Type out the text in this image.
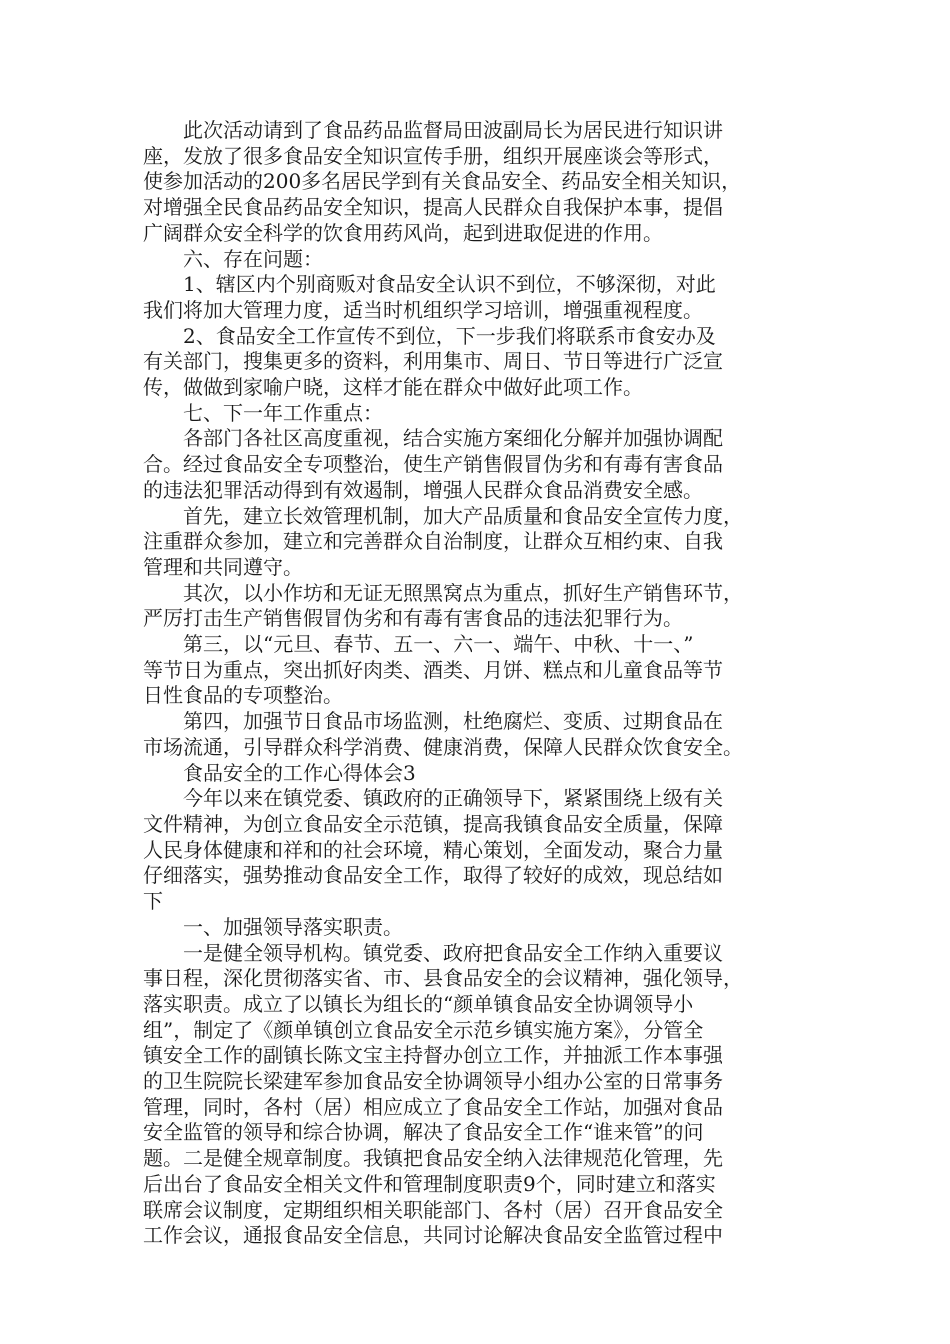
此次活动请到了食品药品监督局田波副局长为居民进行知识讲
座，发放了很多食品安全知识宣传手册，组织开展座谈会等形式，
使参加活动的200多名居民学到有关食品安全、药品安全相关知识，
对增强全民食品药品安全知识，提高人民群众自我保护本事，提倡
广阔群众安全科学的饮食用药风尚，起到进取促进的作用。
六、存在问题：
1、辖区内个别商贩对食品安全认识不到位，不够深彻，对此
我们将加大管理力度，适当时机组织学习培训，增强重视程度。
2、食品安全工作宣传不到位，下一步我们将联系市食安办及
有关部门，搜集更多的资料，利用集市、周日、节日等进行广泛宣
传，做做到家喻户晓，这样才能在群众中做好此项工作。
七、下一年工作重点：
各部门各社区高度重视，结合实施方案细化分解并加强协调配
合。经过食品安全专项整治，使生产销售假冒伪劣和有毒有害食品
的违法犯罪活动得到有效遏制，增强人民群众食品消费安全感。
首先，建立长效管理机制，加大产品质量和食品安全宣传力度，
注重群众参加，建立和完善群众自治制度，让群众互相约束、自我
管理和共同遵守。
其次，以小作坊和无证无照黑窝点为重点，抓好生产销售环节，
严厉打击生产销售假冒伪劣和有毒有害食品的违法犯罪行为。
第三，以“元旦、春节、五一、六一、端午、中秋、十一、”
等节日为重点，突出抓好肉类、酒类、月饼、糕点和儿童食品等节
日性食品的专项整治。
第四，加强节日食品市场监测，杜绝腐烂、变质、过期食品在
市场流通，引导群众科学消费、健康消费，保障人民群众饮食安全。
食品安全的工作心得体会3
今年以来在镇党委、镇政府的正确领导下，紧紧围绕上级有关
文件精神，为创立食品安全示范镇，提高我镇食品安全质量，保障
人民身体健康和祥和的社会环境，精心策划，全面发动，聚合力量
仔细落实，强势推动食品安全工作，取得了较好的成效，现总结如
下
一、加强领导落实职责。
一是健全领导机构。镇党委、政府把食品安全工作纳入重要议
事日程，深化贯彻落实省、市、县食品安全的会议精神，强化领导，
落实职责。成立了以镇长为组长的“颜单镇食品安全协调领导小
组”，制定了《颜单镇创立食品安全示范乡镇实施方案》，分管全
镇安全工作的副镇长陈文宝主持督办创立工作，并抽派工作本事强
的卫生院院长梁建军参加食品安全协调领导小组办公室的日常事务
管理，同时，各村（居）相应成立了食品安全工作站，加强对食品
安全监管的领导和综合协调，解决了食品安全工作“谁来管”的问
题。二是健全规章制度。我镇把食品安全纳入法律规范化管理，先
后出台了食品安全相关文件和管理制度职责9个，同时建立和落实
联席会议制度，定期组织相关职能部门、各村（居）召开食品安全
工作会议，通报食品安全信息，共同讨论解决食品安全监管过程中
